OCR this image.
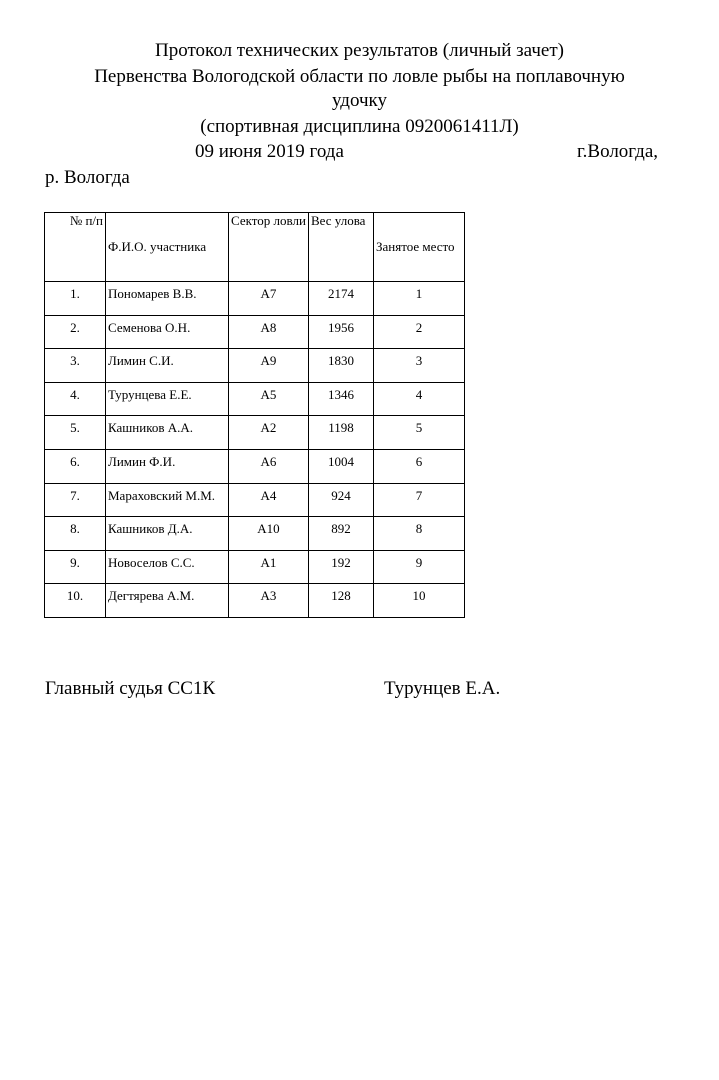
Протокол технических результатов (личный зачет)
Первенства Вологодской области по ловле рыбы на поплавочную
удочку
(спортивная дисциплина 0920061411Л)
09 июня 2019 года	г.Вологда,
р. Вологда
№ п/п	Ф.И.О. участника	Сектор ловли	Вес улова	Занятое место
1.	Пономарев В.В.	А7	2174	1
2.	Семенова О.Н.	А8	1956	2
3.	Лимин С.И.	А9	1830	3
4.	Турунцева Е.Е.	А5	1346	4
5.	Кашников А.А.	А2	1198	5
6.	Лимин Ф.И.	А6	1004	6
7.	Мараховский М.М.	А4	924	7
8.	Кашников Д.А.	А10	892	8
9.	Новоселов С.С.	А1	192	9
10.	Дегтярева А.М.	А3	128	10
Главный судья СС1К	Турунцев Е.А.
